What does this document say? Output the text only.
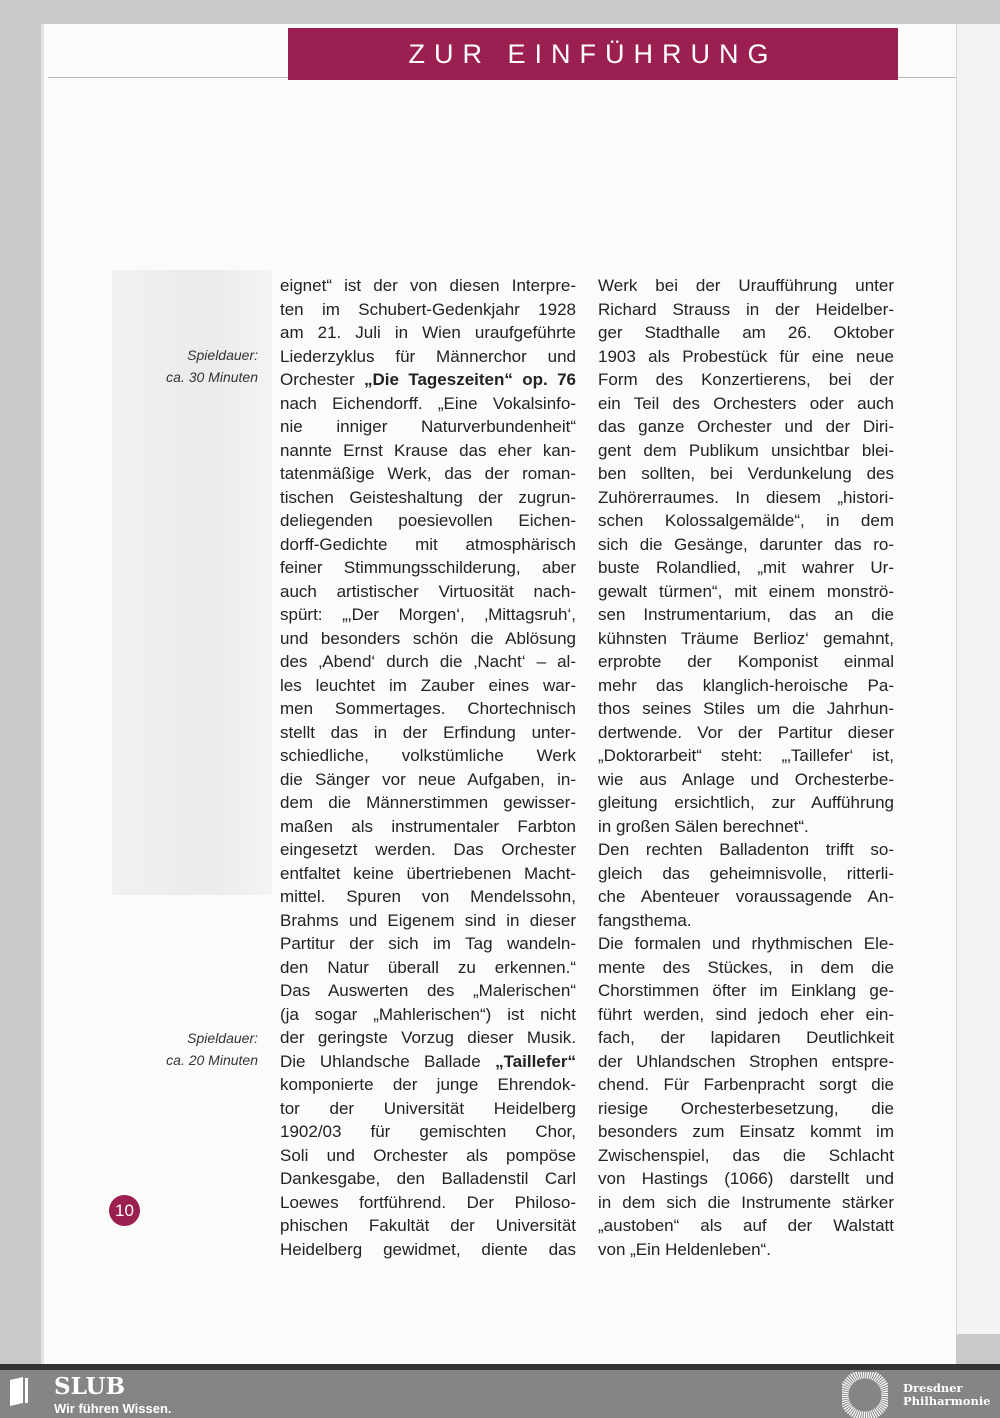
ZUR EINFÜHRUNG
Spieldauer:
ca. 30 Minuten
Spieldauer:
ca. 20 Minuten
eignet“ ist der von diesen Interpre-
ten im Schubert-Gedenkjahr 1928
am 21. Juli in Wien uraufgeführte
Liederzyklus für Männerchor und
Orchester „Die Tageszeiten“ op. 76
nach Eichendorff. „Eine Vokalsinfo-
nie inniger Naturverbundenheit“
nannte Ernst Krause das eher kan-
tatenmäßige Werk, das der roman-
tischen Geisteshaltung der zugrun-
deliegenden poesievollen Eichen-
dorff-Gedichte mit atmosphärisch
feiner Stimmungsschilderung, aber
auch artistischer Virtuosität nach-
spürt: „‚Der Morgen‘, ‚Mittagsruh‘,
und besonders schön die Ablösung
des ‚Abend‘ durch die ‚Nacht‘ – al-
les leuchtet im Zauber eines war-
men Sommertages. Chortechnisch
stellt das in der Erfindung unter-
schiedliche, volkstümliche Werk
die Sänger vor neue Aufgaben, in-
dem die Männerstimmen gewisser-
maßen als instrumentaler Farbton
eingesetzt werden. Das Orchester
entfaltet keine übertriebenen Macht-
mittel. Spuren von Mendelssohn,
Brahms und Eigenem sind in dieser
Partitur der sich im Tag wandeln-
den Natur überall zu erkennen.“
Das Auswerten des „Malerischen“
(ja sogar „Mahlerischen“) ist nicht
der geringste Vorzug dieser Musik.
Die Uhlandsche Ballade „Taillefer“
komponierte der junge Ehrendok-
tor der Universität Heidelberg
1902/03 für gemischten Chor,
Soli und Orchester als pompöse
Dankesgabe, den Balladenstil Carl
Loewes fortführend. Der Philoso-
phischen Fakultät der Universität
Heidelberg gewidmet, diente das
Werk bei der Uraufführung unter
Richard Strauss in der Heidelber-
ger Stadthalle am 26. Oktober
1903 als Probestück für eine neue
Form des Konzertierens, bei der
ein Teil des Orchesters oder auch
das ganze Orchester und der Diri-
gent dem Publikum unsichtbar blei-
ben sollten, bei Verdunkelung des
Zuhörerraumes. In diesem „histori-
schen Kolossalgemälde“, in dem
sich die Gesänge, darunter das ro-
buste Rolandlied, „mit wahrer Ur-
gewalt türmen“, mit einem monströ-
sen Instrumentarium, das an die
kühnsten Träume Berlioz‘ gemahnt,
erprobte der Komponist einmal
mehr das klanglich-heroische Pa-
thos seines Stiles um die Jahrhun-
dertwende. Vor der Partitur dieser
„Doktorarbeit“ steht: „‚Taillefer‘ ist,
wie aus Anlage und Orchesterbe-
gleitung ersichtlich, zur Aufführung
in großen Sälen berechnet“.
Den rechten Balladenton trifft so-
gleich das geheimnisvolle, ritterli-
che Abenteuer voraussagende An-
fangsthema.
Die formalen und rhythmischen Ele-
mente des Stückes, in dem die
Chorstimmen öfter im Einklang ge-
führt werden, sind jedoch eher ein-
fach, der lapidaren Deutlichkeit
der Uhlandschen Strophen entspre-
chend. Für Farbenpracht sorgt die
riesige Orchesterbesetzung, die
besonders zum Einsatz kommt im
Zwischenspiel, das die Schlacht
von Hastings (1066) darstellt und
in dem sich die Instrumente stärker
„austoben“ als auf der Walstatt
von „Ein Heldenleben“.
10
SLUB
Wir führen Wissen.
Dresdner
Philharmonie
